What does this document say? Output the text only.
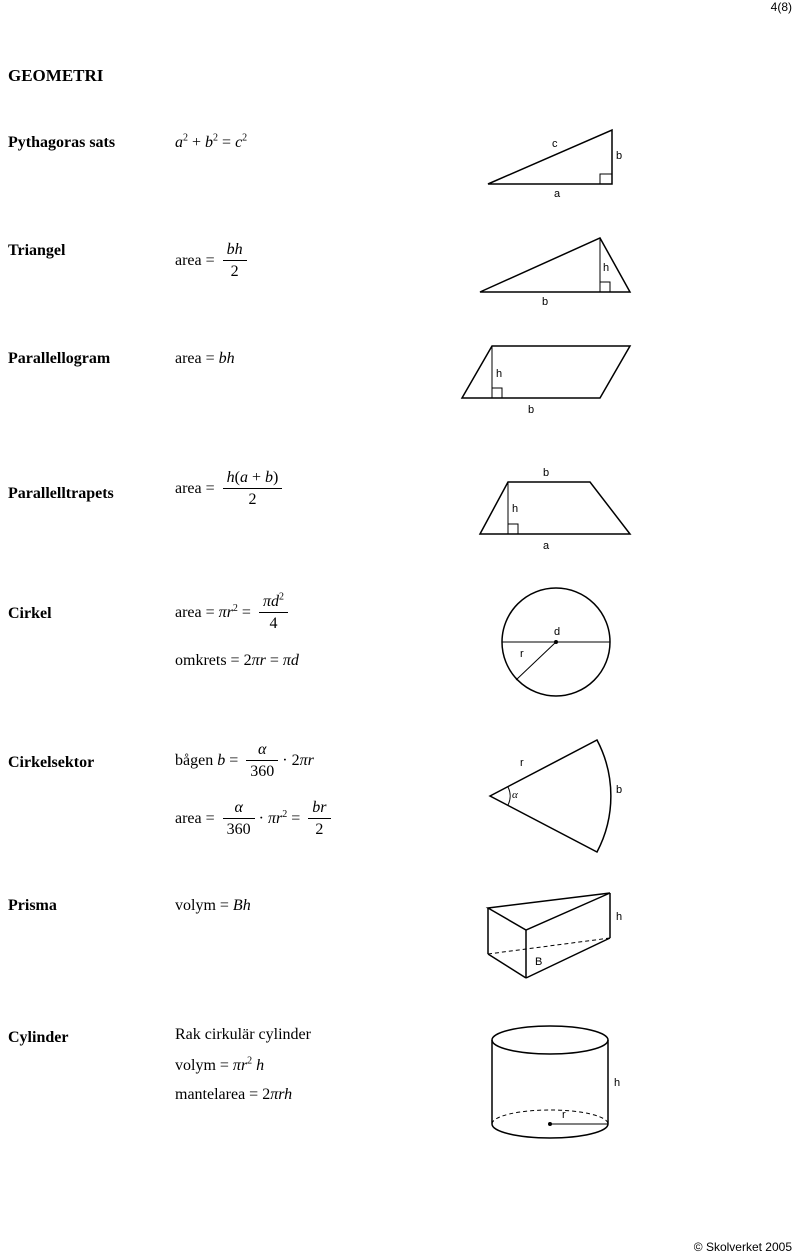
4(8)
GEOMETRI
Pythagoras sats	$a^2 + b^2 = c^2$	c
b
a
Triangel
area = $\frac{bh}{2}$	h
b
Parallellogram	area = bh
h
b
Parallelltrapets	area = $\frac{h(a + b)}{2}$	b
h
a
Cirkel	area = $\pi r^2 = \frac{\pi d^2}{4}$
omkrets = 2πr = πd
d
r
Cirkelsektor	bågen $b = \frac{\alpha}{360} \cdot 2\pi r$
area = $\frac{\alpha}{360} \cdot \pi r^2 = \frac{br}{2}$
r
α	b
Prisma	volym = Bh
h
B
Cylinder	Rak cirkulär cylinder
volym = $\pi r^2$ h
mantelarea = 2πrh
h
r
© Skolverket 2005
